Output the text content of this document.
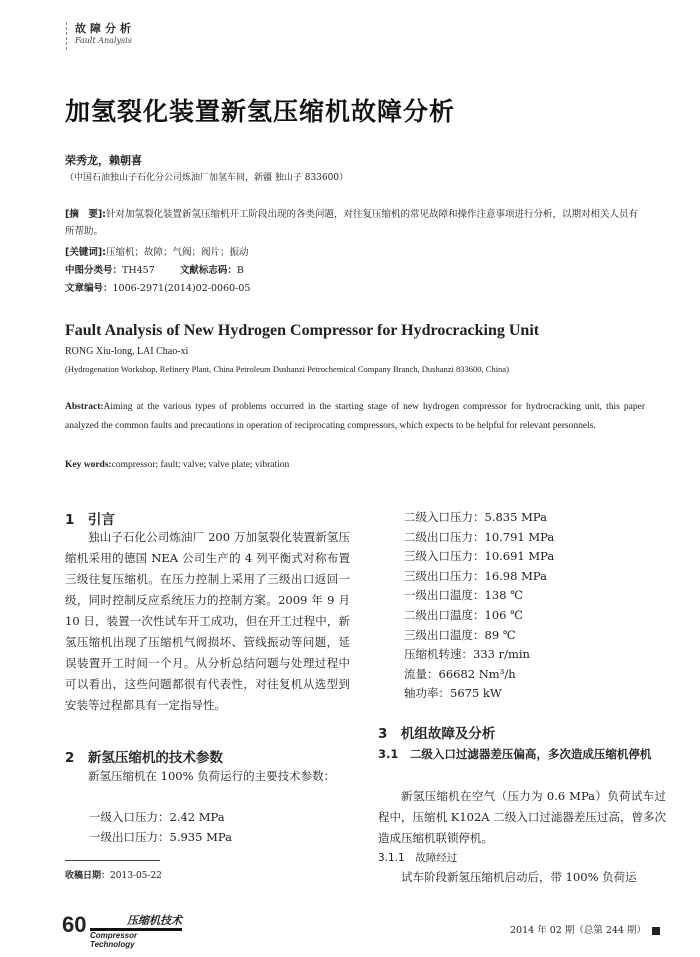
故障分析
Fault Analysis
加氢裂化装置新氢压缩机故障分析
荣秀龙，赖朝喜
（中国石油独山子石化分公司炼油厂加氢车间，新疆 独山子 833600）
[摘　要]:针对加氢裂化装置新氢压缩机开工阶段出现的各类问题，对往复压缩机的常见故障和操作注意事项进行分析，以期对相关人员有所帮助。
[关键词]:压缩机；故障；气阀；阀片；振动
中图分类号：TH457	文献标志码：B
文章编号：1006-2971(2014)02-0060-05
Fault Analysis of New Hydrogen Compressor for Hydrocracking Unit
RONG Xiu-long, LAI Chao-xi
(Hydrogenation Workshop, Refinery Plant, China Petroleum Dushanzi Petrochemical Company Branch, Dushanzi 833600, China)
Abstract:Aiming at the various types of problems occurred in the starting stage of new hydrogen compressor for hydrocracking unit, this paper analyzed the common faults and precautions in operation of reciprocating compressors, which expects to be helpful for relevant personnels.
Key words:compressor; fault; valve; valve plate; vibration
1　引言

独山子石化公司炼油厂 200 万加氢裂化装置新氢压缩机采用的德国 NEA 公司生产的 4 列平衡式对称布置三级往复压缩机。在压力控制上采用了三级出口返回一级，同时控制反应系统压力的控制方案。2009 年 9 月 10 日，装置一次性试车开工成功，但在开工过程中，新氢压缩机出现了压缩机气阀损坏、管线振动等问题，延误装置开工时间一个月。从分析总结问题与处理过程中可以看出，这些问题都很有代表性，对往复机从选型到安装等过程都具有一定指导性。

2　新氢压缩机的技术参数

新氢压缩机在 100% 负荷运行的主要技术参数：

一级入口压力：2.42 MPa
一级出口压力：5.935 MPa
收稿日期：2013-05-22
二级入口压力：5.835 MPa
二级出口压力：10.791 MPa
三级入口压力：10.691 MPa
三级出口压力：16.98 MPa
一级出口温度：138 ℃
二级出口温度：106 ℃
三级出口温度：89 ℃
压缩机转速：333 r/min
流量：66682 Nm³/h
轴功率：5675 kW
3　机组故障及分析
3.1　二级入口过滤器差压偏高，多次造成压缩机停机

新氢压缩机在空气（压力为 0.6 MPa）负荷试车过程中，压缩机 K102A 二级入口过滤器差压过高，曾多次造成压缩机联锁停机。

3.1.1　故障经过

试车阶段新氢压缩机启动后，带 100% 负荷运

60	压缩机技术
Compressor Technology
2014 年 02 期（总第 244 期）
